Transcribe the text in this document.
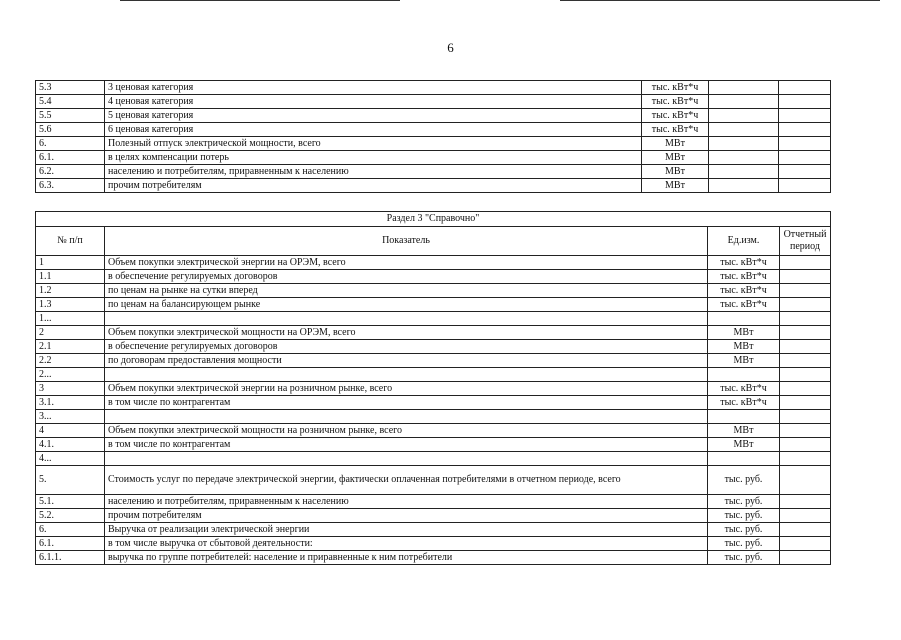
6
5.3	3 ценовая категория	тыс. кВт*ч		
5.4	4 ценовая категория	тыс. кВт*ч		
5.5	5 ценовая категория	тыс. кВт*ч		
5.6	6 ценовая категория	тыс. кВт*ч		
6.	Полезный отпуск электрической мощности, всего	МВт		
6.1.	в целях компенсации потерь	МВт		
6.2.	населению и потребителям, приравненным к населению	МВт		
6.3.	прочим потребителям	МВт		
Раздел 3 "Справочно"			
№ п/п	Показатель	Ед.изм.	Отчетный период
1	Объем покупки электрической энергии на ОРЭМ, всего	тыс. кВт*ч	
1.1	в обеспечение регулируемых договоров	тыс. кВт*ч	
1.2	по ценам на рынке на сутки вперед	тыс. кВт*ч	
1.3	по ценам на балансирующем рынке	тыс. кВт*ч	
1...			
2	Объем покупки электрической мощности на ОРЭМ, всего	МВт	
2.1	в обеспечение регулируемых договоров	МВт	
2.2	по договорам предоставления мощности	МВт	
2...			
3	Объем покупки электрической энергии на розничном рынке, всего	тыс. кВт*ч	
3.1.	в том числе по контрагентам	тыс. кВт*ч	
3...			
4	Объем покупки электрической мощности на розничном рынке, всего	МВт	
4.1.	в том числе по контрагентам	МВт	
4...			
5.	Стоимость услуг по передаче электрической энергии, фактически оплаченная потребителями в отчетном периоде, всего	тыс. руб.	
5.1.	населению и потребителям, приравненным к населению	тыс. руб.	
5.2.	прочим потребителям	тыс. руб.	
6.	Выручка от реализации электрической энергии	тыс. руб.	
6.1.	в том числе выручка от сбытовой деятельности:	тыс. руб.	
6.1.1.	выручка по группе потребителей: население и приравненные к ним потребители	тыс. руб.	
